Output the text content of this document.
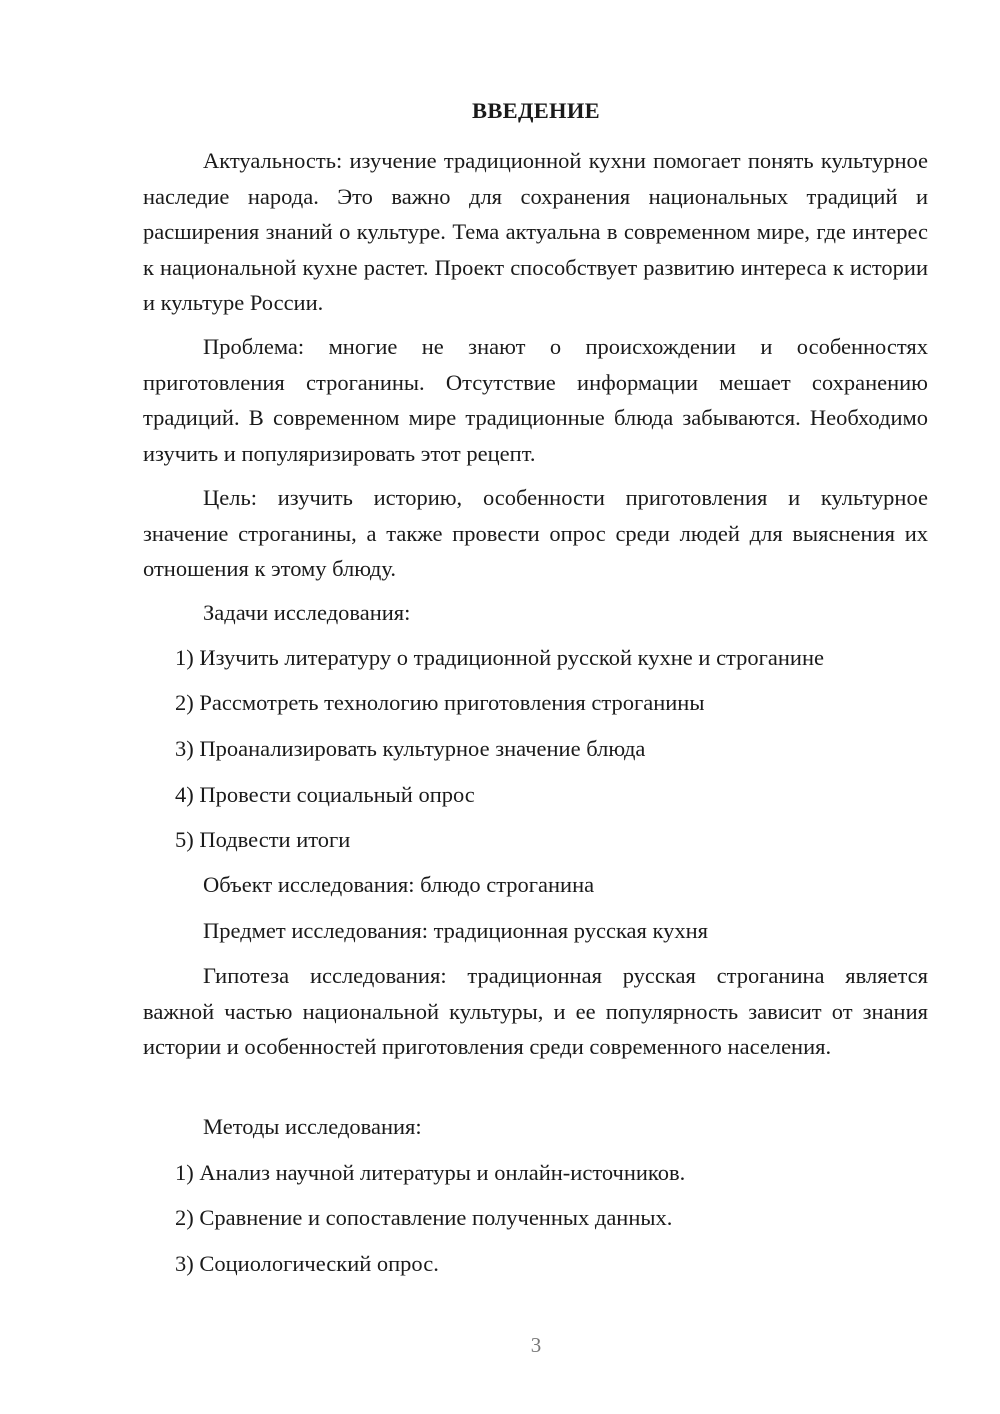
ВВЕДЕНИЕ
Актуальность: изучение традиционной кухни помогает понять культурное наследие народа. Это важно для сохранения национальных традиций и расширения знаний о культуре. Тема актуальна в современном мире, где интерес к национальной кухне растет. Проект способствует развитию интереса к истории и культуре России.
Проблема: многие не знают о происхождении и особенностях приготовления строганины. Отсутствие информации мешает сохранению традиций. В современном мире традиционные блюда забываются. Необходимо изучить и популяризировать этот рецепт.
Цель: изучить историю, особенности приготовления и культурное значение строганины, а также провести опрос среди людей для выяснения их отношения к этому блюду.
Задачи исследования:
1) Изучить литературу о традиционной русской кухне и строганине
2) Рассмотреть технологию приготовления строганины
3) Проанализировать культурное значение блюда
4) Провести социальный опрос
5) Подвести итоги
Объект исследования: блюдо строганина
Предмет исследования: традиционная русская кухня
Гипотеза исследования: традиционная русская строганина является важной частью национальной культуры, и ее популярность зависит от знания истории и особенностей приготовления среди современного населения.
Методы исследования:
1) Анализ научной литературы и онлайн-источников.
2) Сравнение и сопоставление полученных данных.
3) Социологический опрос.
3
